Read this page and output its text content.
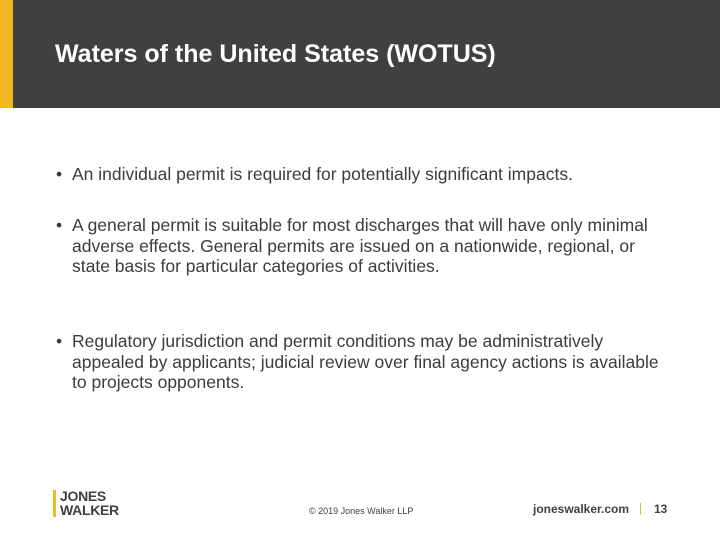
Waters of the United States (WOTUS)
• An individual permit is required for potentially significant impacts.
• A general permit is suitable for most discharges that will have only minimal adverse effects. General permits are issued on a nationwide, regional, or state basis for particular categories of activities.
• Regulatory jurisdiction and permit conditions may be administratively appealed by applicants; judicial review over final agency actions is available to projects opponents.
JONES
WALKER	© 2019 Jones Walker LLP	joneswalker.com 13
